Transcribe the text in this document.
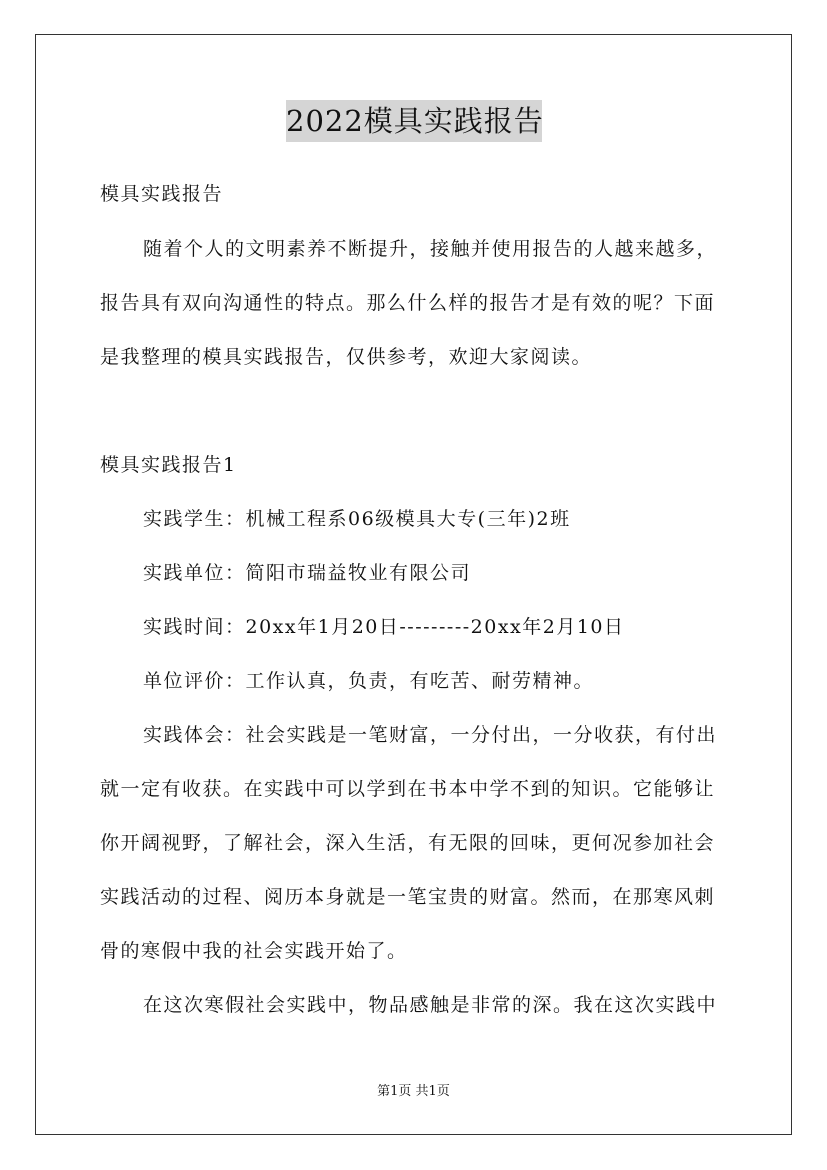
2022模具实践报告
模具实践报告
随着个人的文明素养不断提升，接触并使用报告的人越来越多，
报告具有双向沟通性的特点。那么什么样的报告才是有效的呢？下面
是我整理的模具实践报告，仅供参考，欢迎大家阅读。
模具实践报告1
实践学生：机械工程系06级模具大专(三年)2班
实践单位：简阳市瑞益牧业有限公司
实践时间：20xx年1月20日---------20xx年2月10日
单位评价：工作认真，负责，有吃苦、耐劳精神。
实践体会：社会实践是一笔财富，一分付出，一分收获，有付出
就一定有收获。在实践中可以学到在书本中学不到的知识。它能够让
你开阔视野，了解社会，深入生活，有无限的回味，更何况参加社会
实践活动的过程、阅历本身就是一笔宝贵的财富。然而，在那寒风刺
骨的寒假中我的社会实践开始了。
在这次寒假社会实践中，物品感触是非常的深。我在这次实践中
第1页 共1页
